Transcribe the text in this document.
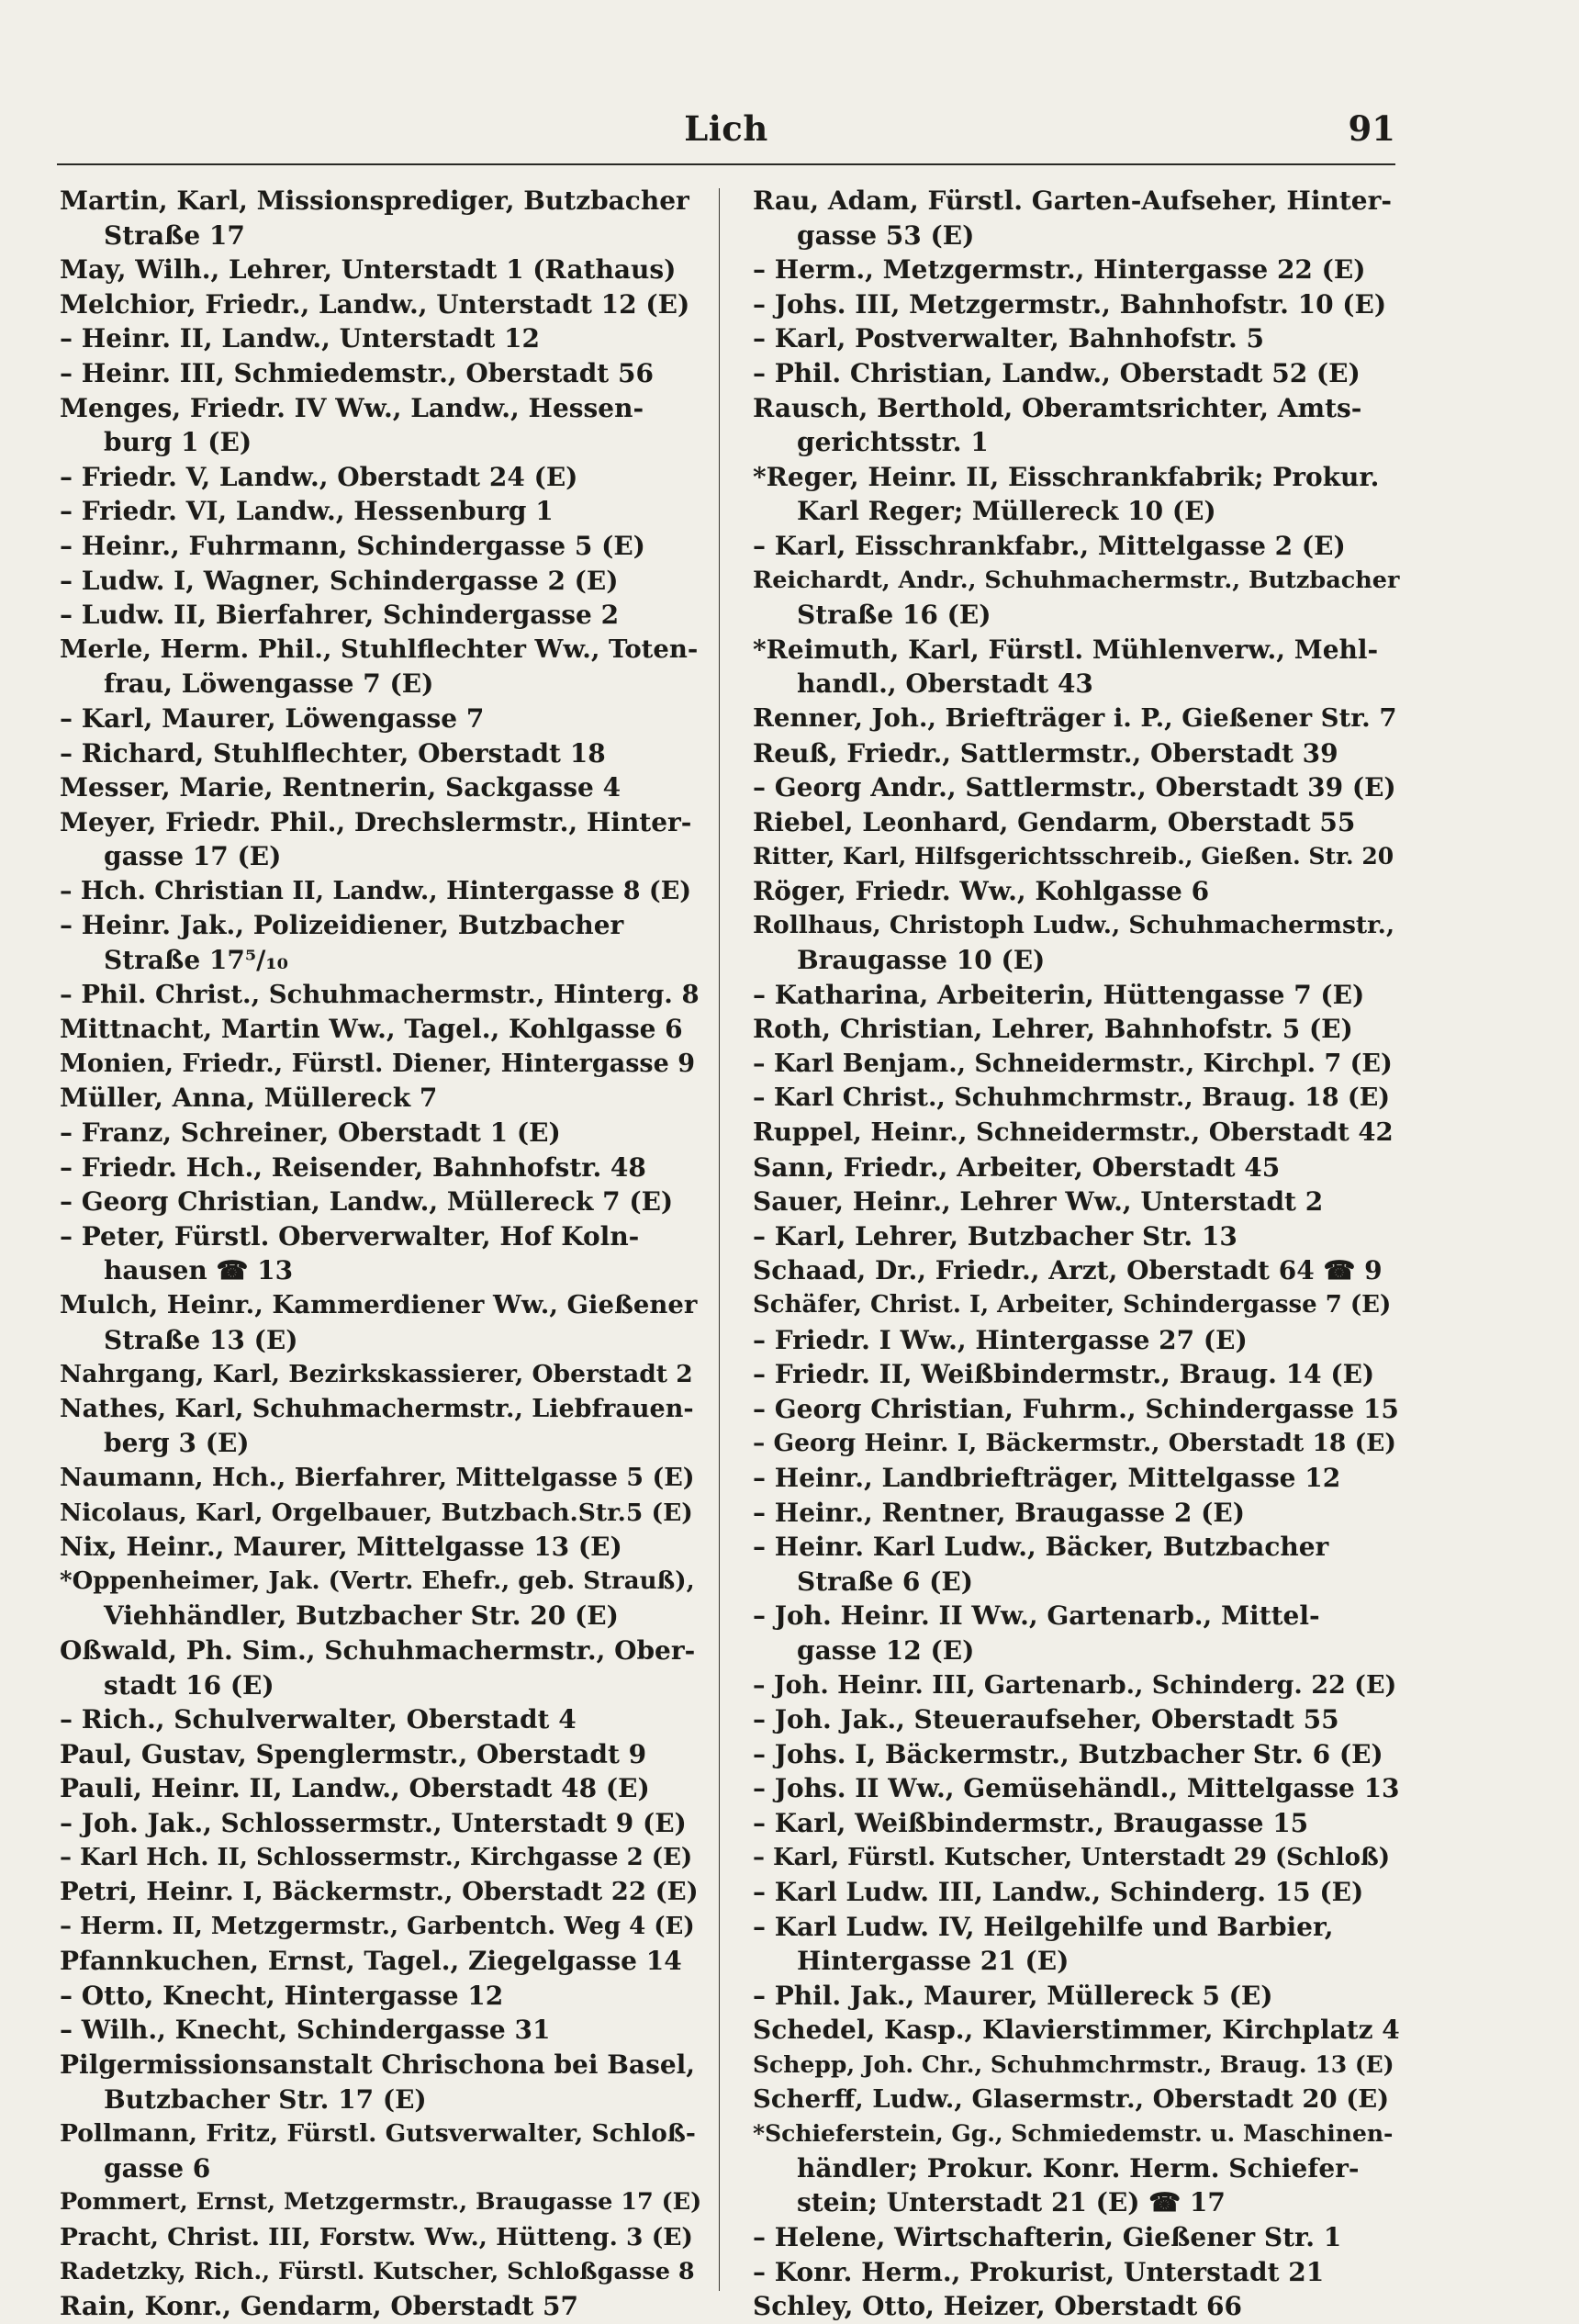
Lich	91
Martin, Karl, Missionsprediger, Butzbacher
Straße 17
May, Wilh., Lehrer, Unterstadt 1 (Rathaus)
Melchior, Friedr., Landw., Unterstadt 12 (E)
– Heinr. II, Landw., Unterstadt 12
– Heinr. III, Schmiedemstr., Oberstadt 56
Menges, Friedr. IV Ww., Landw., Hessen-
burg 1 (E)
– Friedr. V, Landw., Oberstadt 24 (E)
– Friedr. VI, Landw., Hessenburg 1
– Heinr., Fuhrmann, Schindergasse 5 (E)
– Ludw. I, Wagner, Schindergasse 2 (E)
– Ludw. II, Bierfahrer, Schindergasse 2
Merle, Herm. Phil., Stuhlflechter Ww., Toten-
frau, Löwengasse 7 (E)
– Karl, Maurer, Löwengasse 7
– Richard, Stuhlflechter, Oberstadt 18
Messer, Marie, Rentnerin, Sackgasse 4
Meyer, Friedr. Phil., Drechslermstr., Hinter-
gasse 17 (E)
– Hch. Christian II, Landw., Hintergasse 8 (E)
– Heinr. Jak., Polizeidiener, Butzbacher
Straße 17⁵/₁₀
– Phil. Christ., Schuhmachermstr., Hinterg. 8
Mittnacht, Martin Ww., Tagel., Kohlgasse 6
Monien, Friedr., Fürstl. Diener, Hintergasse 9
Müller, Anna, Müllereck 7
– Franz, Schreiner, Oberstadt 1 (E)
– Friedr. Hch., Reisender, Bahnhofstr. 48
– Georg Christian, Landw., Müllereck 7 (E)
– Peter, Fürstl. Oberverwalter, Hof Koln-
hausen ☎ 13
Mulch, Heinr., Kammerdiener Ww., Gießener
Straße 13 (E)
Nahrgang, Karl, Bezirkskassierer, Oberstadt 2
Nathes, Karl, Schuhmachermstr., Liebfrauen-
berg 3 (E)
Naumann, Hch., Bierfahrer, Mittelgasse 5 (E)
Nicolaus, Karl, Orgelbauer, Butzbach.Str.5 (E)
Nix, Heinr., Maurer, Mittelgasse 13 (E)
*Oppenheimer, Jak. (Vertr. Ehefr., geb. Strauß),
Viehhändler, Butzbacher Str. 20 (E)
Oßwald, Ph. Sim., Schuhmachermstr., Ober-
stadt 16 (E)
– Rich., Schulverwalter, Oberstadt 4
Paul, Gustav, Spenglermstr., Oberstadt 9
Pauli, Heinr. II, Landw., Oberstadt 48 (E)
– Joh. Jak., Schlossermstr., Unterstadt 9 (E)
– Karl Hch. II, Schlossermstr., Kirchgasse 2 (E)
Petri, Heinr. I, Bäckermstr., Oberstadt 22 (E)
– Herm. II, Metzgermstr., Garbentch. Weg 4 (E)
Pfannkuchen, Ernst, Tagel., Ziegelgasse 14
– Otto, Knecht, Hintergasse 12
– Wilh., Knecht, Schindergasse 31
Pilgermissionsanstalt Chrischona bei Basel,
Butzbacher Str. 17 (E)
Pollmann, Fritz, Fürstl. Gutsverwalter, Schloß-
gasse 6
Pommert, Ernst, Metzgermstr., Braugasse 17 (E)
Pracht, Christ. III, Forstw. Ww., Hütteng. 3 (E)
Radetzky, Rich., Fürstl. Kutscher, Schloßgasse 8
Rain, Konr., Gendarm, Oberstadt 57
Rau, Adam, Fürstl. Garten-Aufseher, Hinter-
gasse 53 (E)
– Herm., Metzgermstr., Hintergasse 22 (E)
– Johs. III, Metzgermstr., Bahnhofstr. 10 (E)
– Karl, Postverwalter, Bahnhofstr. 5
– Phil. Christian, Landw., Oberstadt 52 (E)
Rausch, Berthold, Oberamtsrichter, Amts-
gerichtsstr. 1
*Reger, Heinr. II, Eisschrankfabrik; Prokur.
Karl Reger; Müllereck 10 (E)
– Karl, Eisschrankfabr., Mittelgasse 2 (E)
Reichardt, Andr., Schuhmachermstr., Butzbacher
Straße 16 (E)
*Reimuth, Karl, Fürstl. Mühlenverw., Mehl-
handl., Oberstadt 43
Renner, Joh., Briefträger i. P., Gießener Str. 7
Reuß, Friedr., Sattlermstr., Oberstadt 39
– Georg Andr., Sattlermstr., Oberstadt 39 (E)
Riebel, Leonhard, Gendarm, Oberstadt 55
Ritter, Karl, Hilfsgerichtsschreib., Gießen. Str. 20
Röger, Friedr. Ww., Kohlgasse 6
Rollhaus, Christoph Ludw., Schuhmachermstr.,
Braugasse 10 (E)
– Katharina, Arbeiterin, Hüttengasse 7 (E)
Roth, Christian, Lehrer, Bahnhofstr. 5 (E)
– Karl Benjam., Schneidermstr., Kirchpl. 7 (E)
– Karl Christ., Schuhmchrmstr., Braug. 18 (E)
Ruppel, Heinr., Schneidermstr., Oberstadt 42
Sann, Friedr., Arbeiter, Oberstadt 45
Sauer, Heinr., Lehrer Ww., Unterstadt 2
– Karl, Lehrer, Butzbacher Str. 13
Schaad, Dr., Friedr., Arzt, Oberstadt 64 ☎ 9
Schäfer, Christ. I, Arbeiter, Schindergasse 7 (E)
– Friedr. I Ww., Hintergasse 27 (E)
– Friedr. II, Weißbindermstr., Braug. 14 (E)
– Georg Christian, Fuhrm., Schindergasse 15
– Georg Heinr. I, Bäckermstr., Oberstadt 18 (E)
– Heinr., Landbriefträger, Mittelgasse 12
– Heinr., Rentner, Braugasse 2 (E)
– Heinr. Karl Ludw., Bäcker, Butzbacher
Straße 6 (E)
– Joh. Heinr. II Ww., Gartenarb., Mittel-
gasse 12 (E)
– Joh. Heinr. III, Gartenarb., Schinderg. 22 (E)
– Joh. Jak., Steueraufseher, Oberstadt 55
– Johs. I, Bäckermstr., Butzbacher Str. 6 (E)
– Johs. II Ww., Gemüsehändl., Mittelgasse 13
– Karl, Weißbindermstr., Braugasse 15
– Karl, Fürstl. Kutscher, Unterstadt 29 (Schloß)
– Karl Ludw. III, Landw., Schinderg. 15 (E)
– Karl Ludw. IV, Heilgehilfe und Barbier,
Hintergasse 21 (E)
– Phil. Jak., Maurer, Müllereck 5 (E)
Schedel, Kasp., Klavierstimmer, Kirchplatz 4
Schepp, Joh. Chr., Schuhmchrmstr., Braug. 13 (E)
Scherff, Ludw., Glasermstr., Oberstadt 20 (E)
*Schieferstein, Gg., Schmiedemstr. u. Maschinen-
händler; Prokur. Konr. Herm. Schiefer-
stein; Unterstadt 21 (E) ☎ 17
– Helene, Wirtschafterin, Gießener Str. 1
– Konr. Herm., Prokurist, Unterstadt 21
Schley, Otto, Heizer, Oberstadt 66
